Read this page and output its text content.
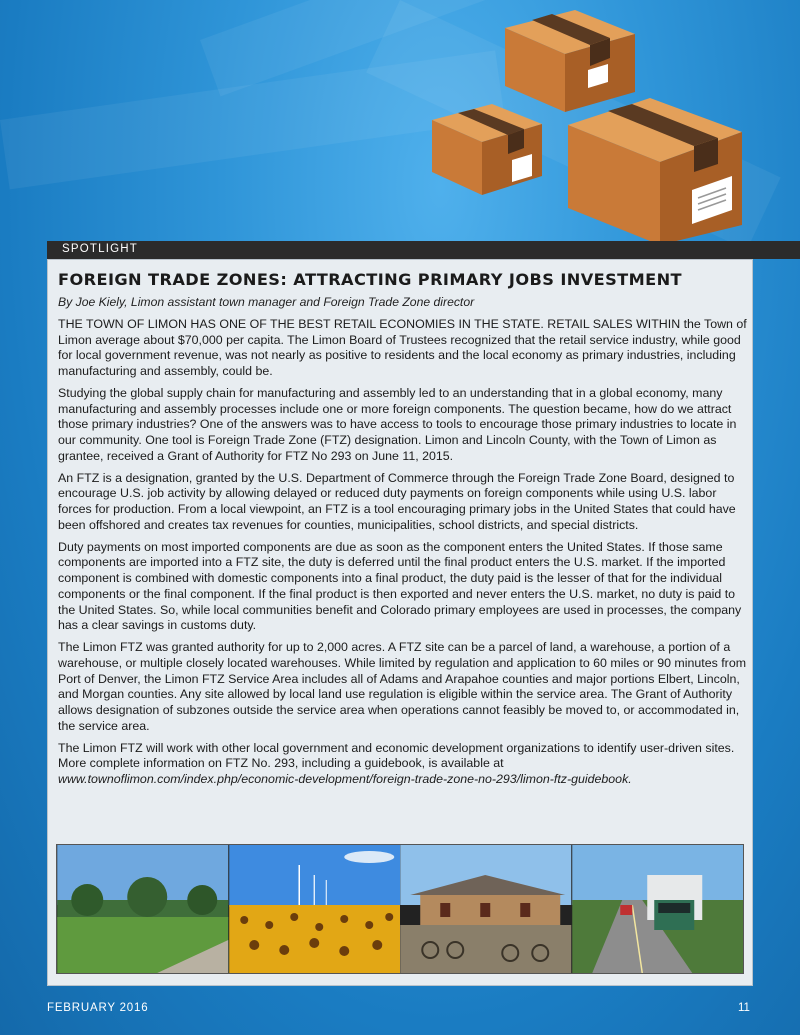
SPOTLIGHT
FOREIGN TRADE ZONES: ATTRACTING PRIMARY JOBS INVESTMENT
By Joe Kiely, Limon assistant town manager and Foreign Trade Zone director

THE TOWN OF LIMON HAS ONE OF THE BEST RETAIL ECONOMIES IN THE STATE. RETAIL SALES WITHIN the Town of Limon average about $70,000 per capita. The Limon Board of Trustees recognized that the retail service industry, while good for local government revenue, was not nearly as positive to residents and the local economy as primary industries, including manufacturing and assembly, could be.

Studying the global supply chain for manufacturing and assembly led to an understanding that in a global economy, many manufacturing and assembly processes include one or more foreign components. The question became, how do we attract those primary industries? One of the answers was to have access to tools to encourage those primary industries to locate in our community. One tool is Foreign Trade Zone (FTZ) designation. Limon and Lincoln County, with the Town of Limon as grantee, received a Grant of Authority for FTZ No 293 on June 11, 2015.

An FTZ is a designation, granted by the U.S. Department of Commerce through the Foreign Trade Zone Board, designed to encourage U.S. job activity by allowing delayed or reduced duty payments on foreign components while using U.S. labor forces for production. From a local viewpoint, an FTZ is a tool encouraging primary jobs in the United States that could have been offshored and creates tax revenues for counties, municipalities, school districts, and special districts.

Duty payments on most imported components are due as soon as the component enters the United States. If those same components are imported into a FTZ site, the duty is deferred until the final product enters the U.S. market. If the imported component is combined with domestic components into a final product, the duty paid is the lesser of that for the individual components or the final component. If the final product is then exported and never enters the U.S. market, no duty is paid to the United States. So, while local communities benefit and Colorado primary employees are used in processes, the company has a clear savings in customs duty.

The Limon FTZ was granted authority for up to 2,000 acres. A FTZ site can be a parcel of land, a warehouse, a portion of a warehouse, or multiple closely located warehouses. While limited by regulation and application to 60 miles or 90 minutes from Port of Denver, the Limon FTZ Service Area includes all of Adams and Arapahoe counties and major portions Elbert, Lincoln, and Morgan counties. Any site allowed by local land use regulation is eligible within the service area. The Grant of Authority allows designation of subzones outside the service area when operations cannot feasibly be moved to, or accommodated in, the service area.

The Limon FTZ will work with other local government and economic development organizations to identify user-driven sites. More complete information on FTZ No. 293, including a guidebook, is available at
www.townoflimon.com/index.php/economic-development/foreign-trade-zone-no-293/limon-ftz-guidebook.

FEBRUARY 2016	11
